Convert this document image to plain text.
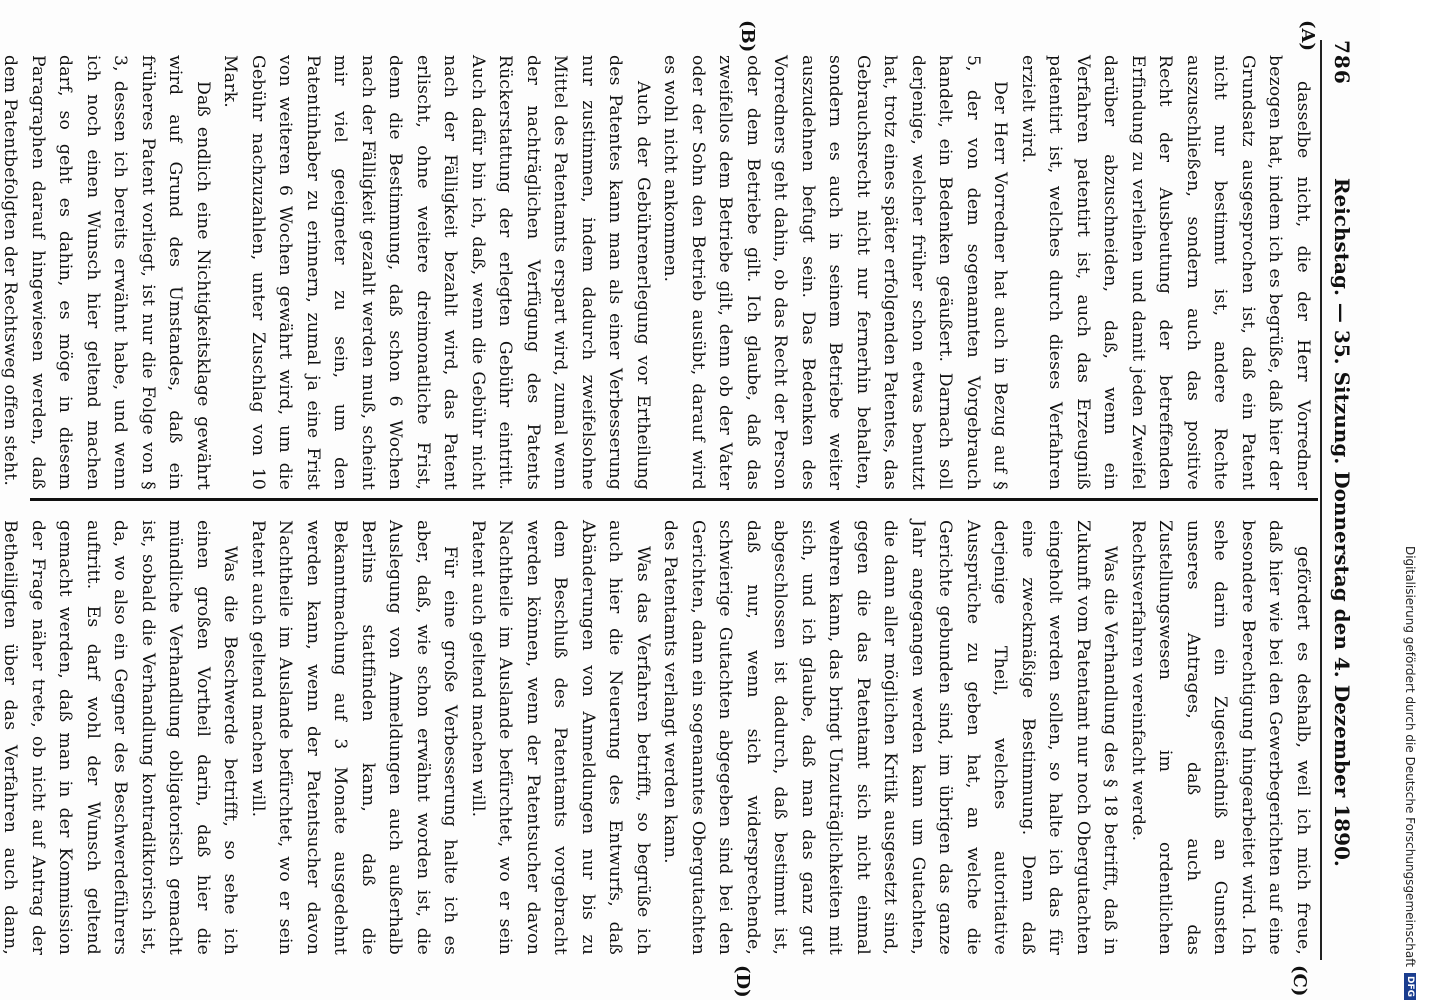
786
Reichstag. — 35. Sitzung. Donnerstag den 4. Dezember 1890.
(A)
(B)
(C)
(D)

dasselbe nicht, die der Herr Vorredner bezogen hat, indem ich es begrüße, daß hier der Grundsatz ausgesprochen ist, daß ein Patent nicht nur bestimmt ist, andere Rechte auszuschließen, sondern auch das positive Recht der Ausbeutung der betreffenden Erfindung zu verleihen und damit jeden Zweifel darüber abzuschneiden, daß, wenn ein Verfahren patentirt ist, auch das Erzeugniß patentirt ist, welches durch dieses Verfahren erzielt wird.

Der Herr Vorredner hat auch in Bezug auf § 5, der von dem sogenannten Vorgebrauch handelt, ein Bedenken geäußert. Darnach soll derjenige, welcher früher schon etwas benutzt hat, trotz eines später erfolgenden Patentes, das Gebrauchsrecht nicht nur fernerhin behalten, sondern es auch in seinem Betriebe weiter auszudehnen befugt sein. Das Bedenken des Vorredners geht dahin, ob das Recht der Person oder dem Betriebe gilt. Ich glaube, daß das zweifellos dem Betriebe gilt, denn ob der Vater oder der Sohn den Betrieb ausübt, darauf wird es wohl nicht ankommen.

Auch der Gebührenerlegung vor Ertheilung des Patentes kann man als einer Verbesserung nur zustimmen, indem dadurch zweifelsohne Mittel des Patentamts erspart wird, zumal wenn der nachträglichen Verfügung des Patents Rückerstattung der erlegten Gebühr eintritt. Auch dafür bin ich, daß, wenn die Gebühr nicht nach der Fälligkeit bezahlt wird, das Patent erlischt, ohne weitere dreimonatliche Frist, denn die Bestimmung, daß schon 6 Wochen nach der Fälligkeit gezahlt werden muß, scheint mir viel geeigneter zu sein, um den Patentinhaber zu erinnern, zumal ja eine Frist von weiteren 6 Wochen gewährt wird, um die Gebühr nachzuzahlen, unter Zuschlag von 10 Mark.

Daß endlich eine Nichtigkeitsklage gewährt wird auf Grund des Umstandes, daß ein früheres Patent vorliegt, ist nur die Folge von § 3, dessen ich bereits erwähnt habe, und wenn ich noch einen Wunsch hier geltend machen darf, so geht es dahin, es möge in diesem Paragraphen darauf hingewiesen werden, daß dem Patentbefolgten der Rechtsweg offen steht.

gefördert es deshalb, weil ich mich freue, daß hier wie bei den Gewerbegerichten auf eine besondere Berechtigung hingearbeitet wird. Ich sehe darin ein Zugeständniß an Gunsten unseres Antrages, daß auch das Zustellungswesen im ordentlichen Rechtsverfahren vereinfacht werde.

Was die Verhandlung des § 18 betrifft, daß in Zukunft vom Patentamt nur noch Obergutachten eingeholt werden sollen, so halte ich das für eine zweckmäßige Bestimmung. Denn daß derjenige Theil, welches autoritative Aussprüche zu geben hat, an welche die Gerichte gebunden sind, im übrigen das ganze Jahr angegangen werden kann um Gutachten, die dann aller möglichen Kritik ausgesetzt sind, gegen die das Patentamt sich nicht einmal wehren kann, das bringt Unzuträglichkeiten mit sich, und ich glaube, daß man das ganz gut abgeschlossen ist dadurch, daß bestimmt ist, daß nur, wenn sich widersprechende, schwierige Gutachten abgegeben sind bei den Gerichten, dann ein sogenanntes Obergutachten des Patentamts verlangt werden kann.

Was das Verfahren betrifft, so begrüße ich auch hier die Neuerung des Entwurfs, daß Abänderungen von Anmeldungen nur bis zu dem Beschluß des Patentamts vorgebracht werden können, wenn der Patentsucher davon Nachtheile im Auslande befürchtet, wo er sein Patent auch geltend machen will.

Für eine große Verbesserung halte ich es aber, daß, wie schon erwähnt worden ist, die Auslegung von Anmeldungen auch außerhalb Berlins stattfinden kann, daß die Bekanntmachung auf 3 Monate ausgedehnt werden kann, wenn der Patentsucher davon Nachtheile im Auslande befürchtet, wo er sein Patent auch geltend machen will.

Was die Beschwerde betrifft, so sehe ich einen großen Vortheil darin, daß hier die mündliche Verhandlung obligatorisch gemacht ist, sobald die Verhandlung kontradiktorisch ist, da, wo also ein Gegner des Beschwerdeführers auftritt. Es darf wohl der Wunsch geltend gemacht werden, daß man in der Kommission der Frage näher trete, ob nicht auf Antrag der Betheiligten über das Verfahren auch dann,	Digitalisierung gefördert durch die Deutsche Forschungsgemeinschaft
DFG
